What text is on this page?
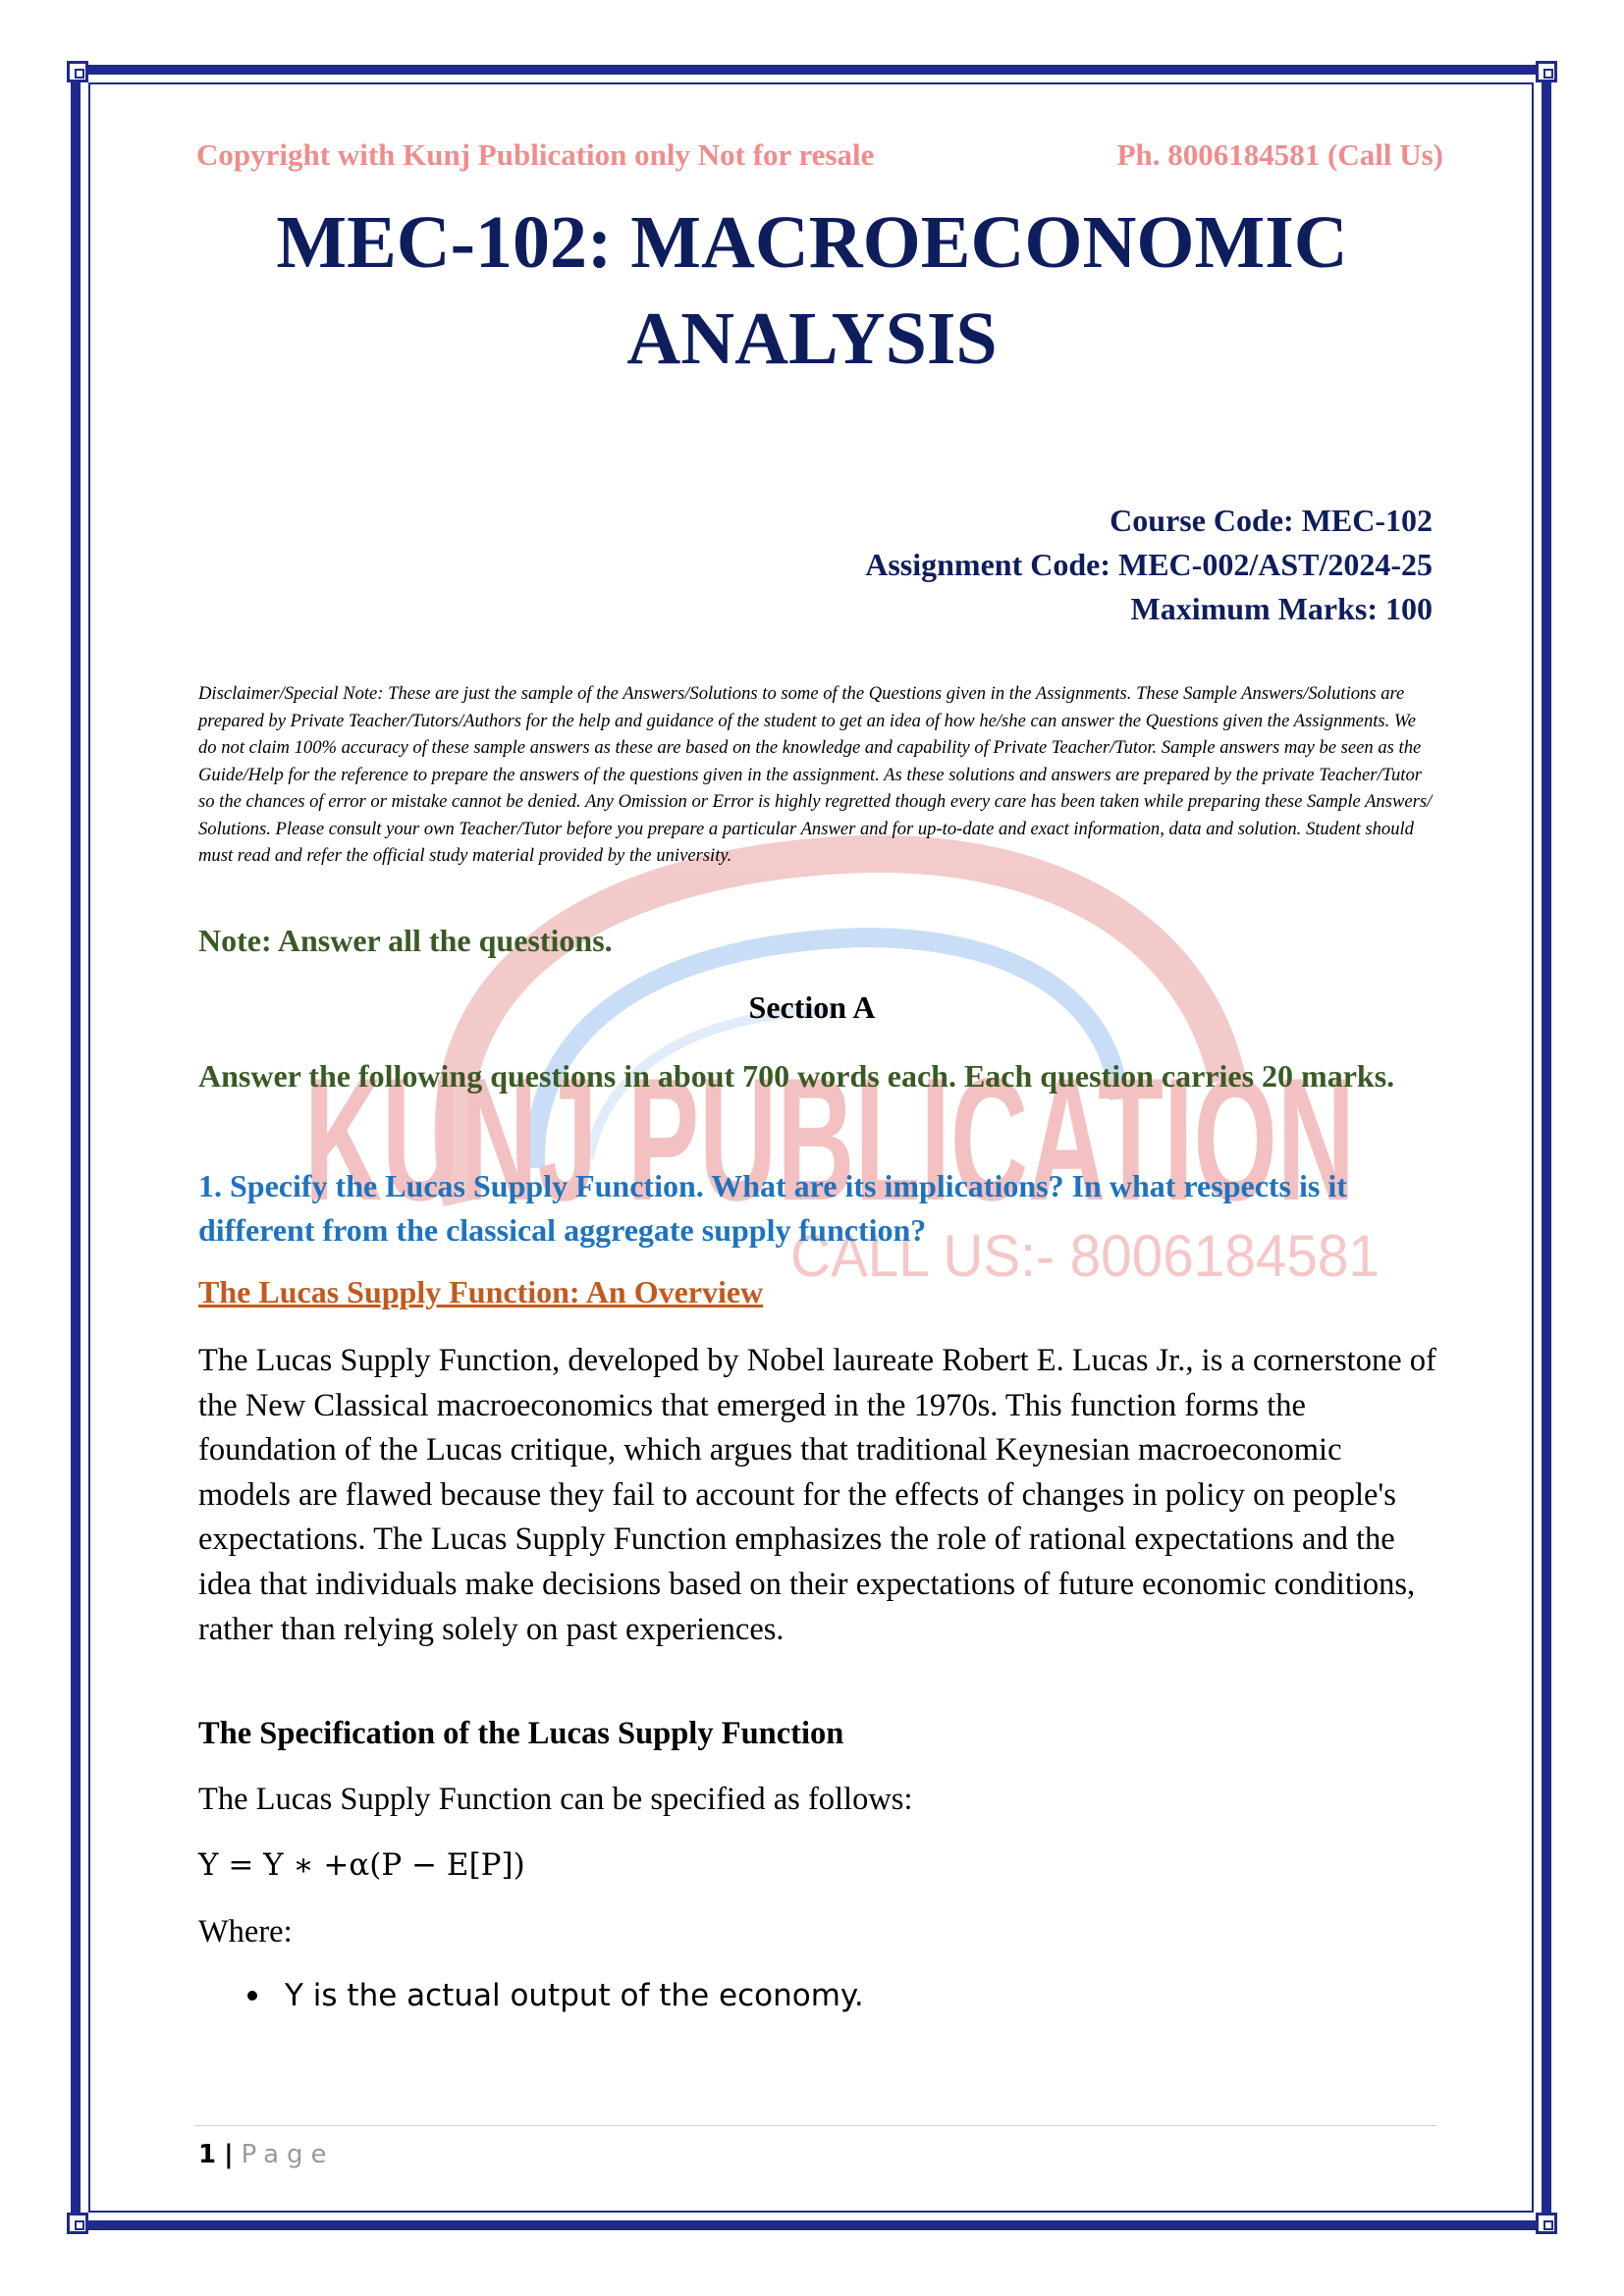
KUNJ PUBLICATION
CALL US:- 8006184581
Copyright with Kunj Publication only Not for resale	Ph. 8006184581 (Call Us)
MEC-102: MACROECONOMIC
ANALYSIS
Course Code: MEC-102
Assignment Code: MEC-002/AST/2024-25
Maximum Marks: 100
Disclaimer/Special Note: These are just the sample of the Answers/Solutions to some of the Questions given in the Assignments. These Sample Answers/Solutions are prepared by Private Teacher/Tutors/Authors for the help and guidance of the student to get an idea of how he/she can answer the Questions given the Assignments. We do not claim 100% accuracy of these sample answers as these are based on the knowledge and capability of Private Teacher/Tutor. Sample answers may be seen as the Guide/Help for the reference to prepare the answers of the questions given in the assignment. As these solutions and answers are prepared by the private Teacher/Tutor so the chances of error or mistake cannot be denied. Any Omission or Error is highly regretted though every care has been taken while preparing these Sample Answers/ Solutions. Please consult your own Teacher/Tutor before you prepare a particular Answer and for up-to-date and exact information, data and solution. Student should must read and refer the official study material provided by the university.
Note: Answer all the questions.
Section A
Answer the following questions in about 700 words each. Each question carries 20 marks.
1. Specify the Lucas Supply Function. What are its implications? In what respects is it different from the classical aggregate supply function?
The Lucas Supply Function: An Overview
The Lucas Supply Function, developed by Nobel laureate Robert E. Lucas Jr., is a cornerstone of the New Classical macroeconomics that emerged in the 1970s. This function forms the foundation of the Lucas critique, which argues that traditional Keynesian macroeconomic models are flawed because they fail to account for the effects of changes in policy on people's expectations. The Lucas Supply Function emphasizes the role of rational expectations and the idea that individuals make decisions based on their expectations of future economic conditions, rather than relying solely on past experiences.
The Specification of the Lucas Supply Function
The Lucas Supply Function can be specified as follows:
Y = Y ∗ +α(P − E[P])
Where:
Y is the actual output of the economy.
1 | Page
